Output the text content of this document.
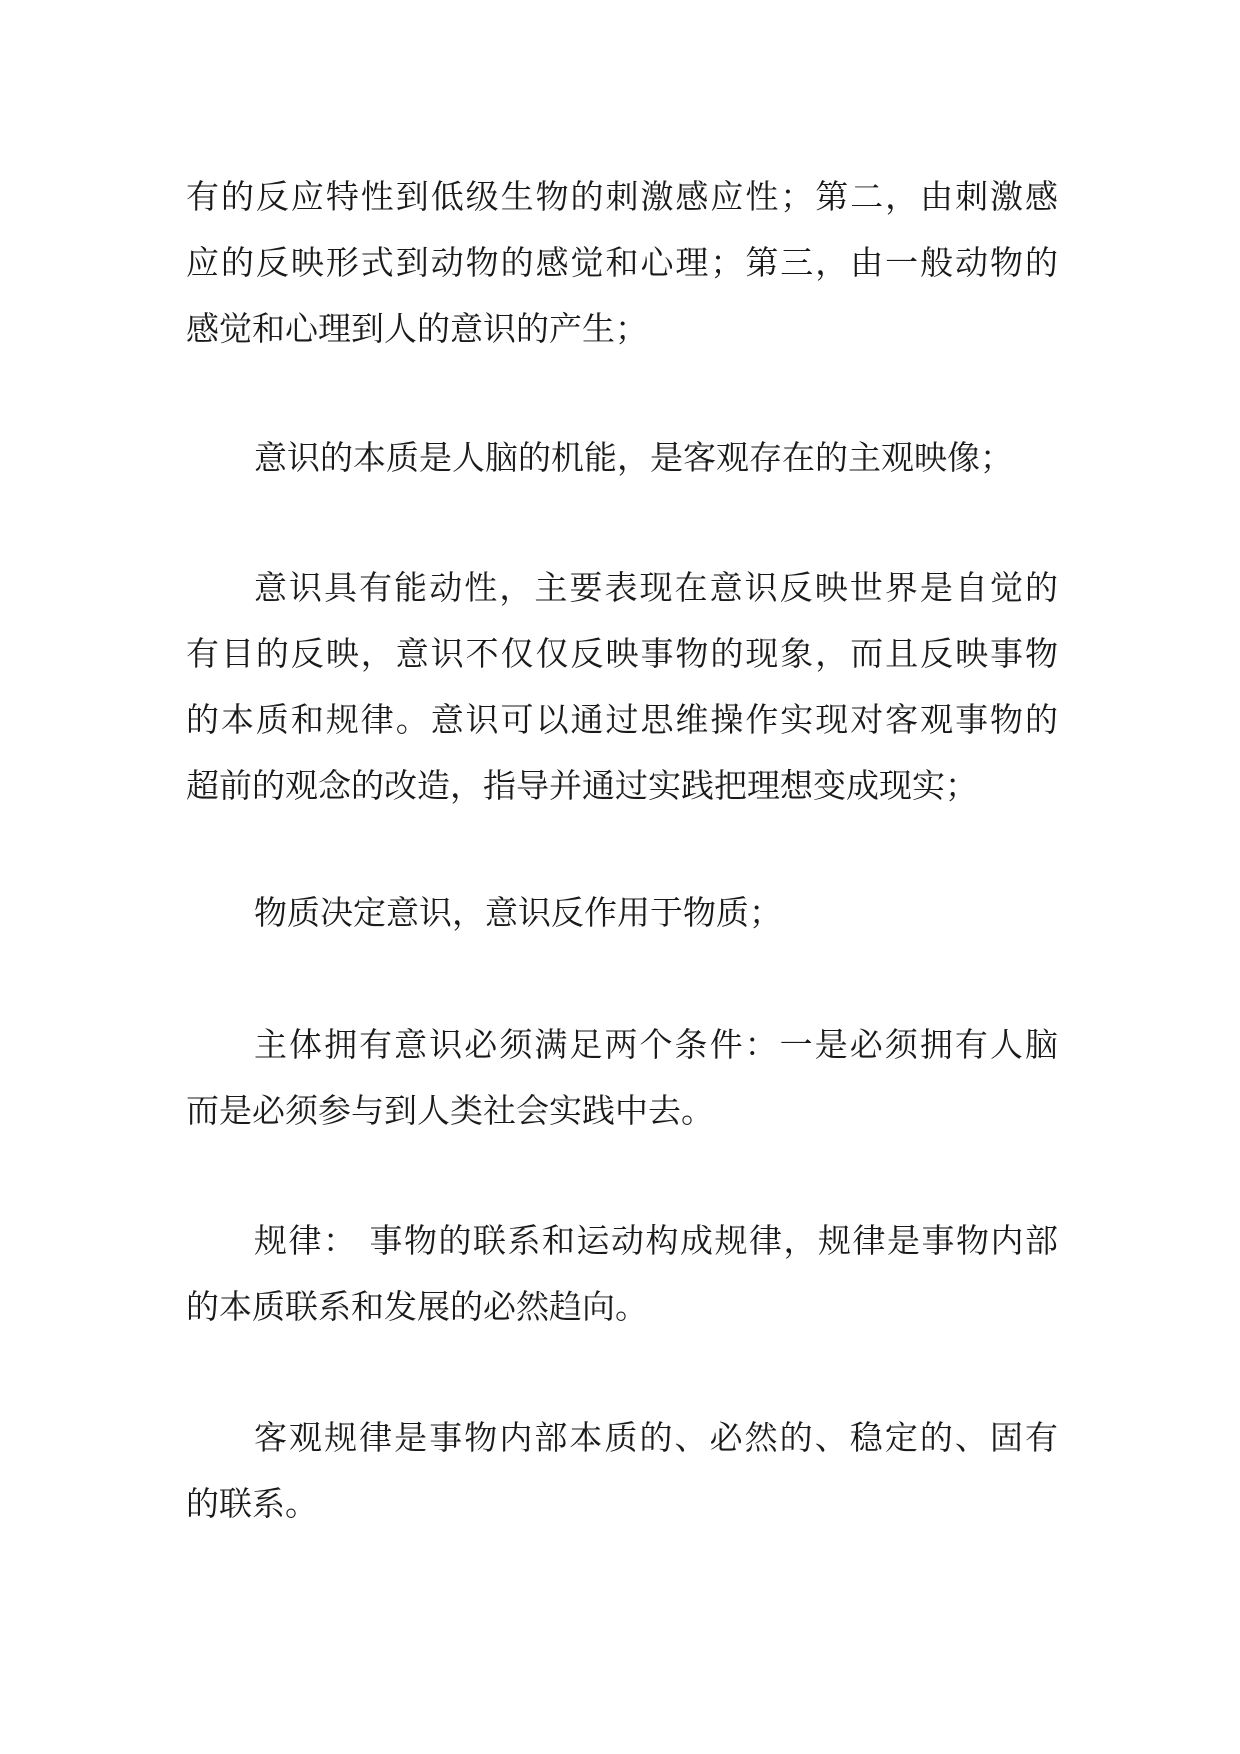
有的反应特性到低级生物的刺激感应性；第二，由刺激感
应的反映形式到动物的感觉和心理；第三，由一般动物的
感觉和心理到人的意识的产生；
意识的本质是人脑的机能，是客观存在的主观映像；
意识具有能动性，主要表现在意识反映世界是自觉的
有目的反映，意识不仅仅反映事物的现象，而且反映事物
的本质和规律。意识可以通过思维操作实现对客观事物的
超前的观念的改造，指导并通过实践把理想变成现实；
物质决定意识，意识反作用于物质；
主体拥有意识必须满足两个条件：一是必须拥有人脑
而是必须参与到人类社会实践中去。
规律： 事物的联系和运动构成规律，规律是事物内部
的本质联系和发展的必然趋向。
客观规律是事物内部本质的、必然的、稳定的、固有
的联系。
